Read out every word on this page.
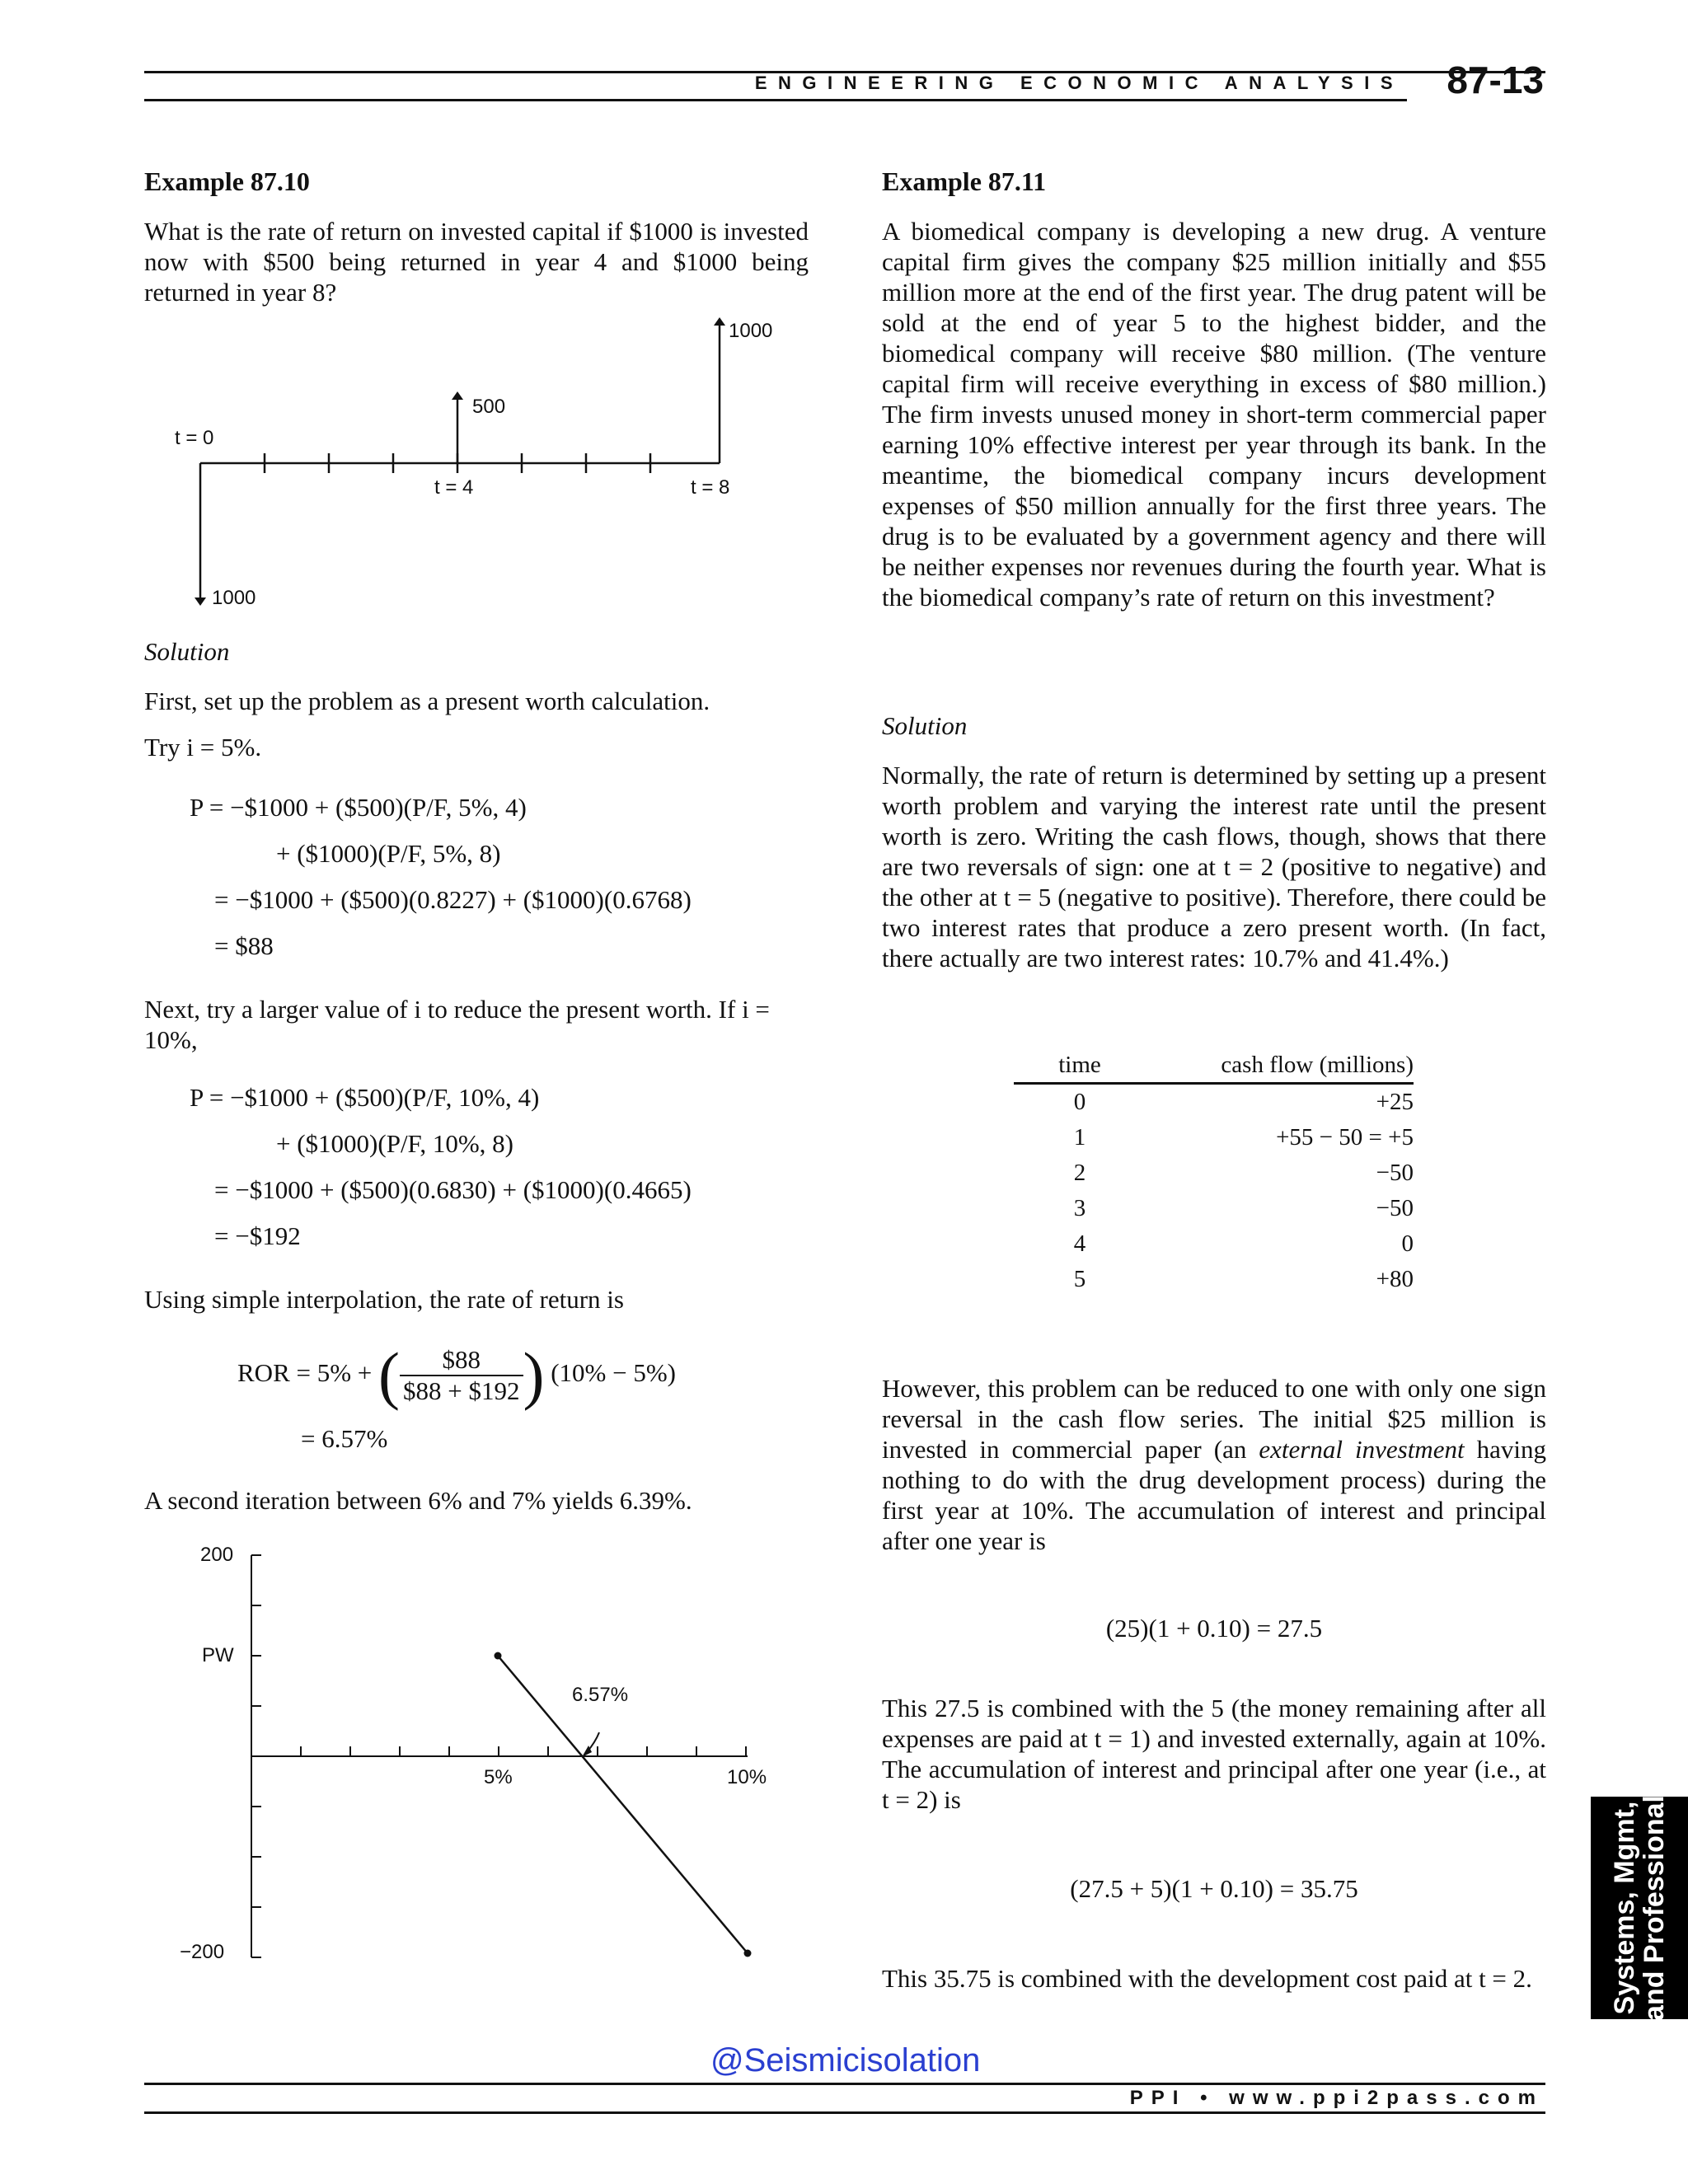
ENGINEERING ECONOMIC ANALYSIS 87-13
Example 87.10
What is the rate of return on invested capital if $1000 is invested now with $500 being returned in year 4 and $1000 being returned in year 8?
t = 0
t = 4	t = 8
500
1000
1000
Solution
First, set up the problem as a present worth calculation.
Try i = 5%.
P = −$1000 + ($500)(P/F, 5%, 4)
+ ($1000)(P/F, 5%, 8)
= −$1000 + ($500)(0.8227) + ($1000)(0.6768)
= $88
Next, try a larger value of i to reduce the present worth. If i = 10%,
P = −$1000 + ($500)(P/F, 10%, 4)
+ ($1000)(P/F, 10%, 8)
= −$1000 + ($500)(0.6830) + ($1000)(0.4665)
= −$192
Using simple interpolation, the rate of return is
ROR = 5% + ( $\frac{\$88}{\$88 + \$192}$ ) (10% − 5%)
= 6.57%
A second iteration between 6% and 7% yields 6.39%.
200
PW
−200
5%	10%
6.57%
Example 87.11
A biomedical company is developing a new drug. A venture capital firm gives the company $25 million initially and $55 million more at the end of the first year. The drug patent will be sold at the end of year 5 to the highest bidder, and the biomedical company will receive $80 million. (The venture capital firm will receive everything in excess of $80 million.) The firm invests unused money in short-term commercial paper earning 10% effective interest per year through its bank. In the meantime, the biomedical company incurs development expenses of $50 million annually for the first three years. The drug is to be evaluated by a government agency and there will be neither expenses nor revenues during the fourth year. What is the biomedical company’s rate of return on this investment?
Solution
Normally, the rate of return is determined by setting up a present worth problem and varying the interest rate until the present worth is zero. Writing the cash flows, though, shows that there are two reversals of sign: one at t = 2 (positive to negative) and the other at t = 5 (negative to positive). Therefore, there could be two interest rates that produce a zero present worth. (In fact, there actually are two interest rates: 10.7% and 41.4%.)
time	cash flow (millions)
0	+25
1	+55 − 50 = +5
2	−50
3	−50
4	0
5	+80
However, this problem can be reduced to one with only one sign reversal in the cash flow series. The initial $25 million is invested in commercial paper (an external investment having nothing to do with the drug development process) during the first year at 10%. The accumulation of interest and principal after one year is
(25)(1 + 0.10) = 27.5
This 27.5 is combined with the 5 (the money remaining after all expenses are paid at t = 1) and invested externally, again at 10%. The accumulation of interest and principal after one year (i.e., at t = 2) is
(27.5 + 5)(1 + 0.10) = 35.75
This 35.75 is combined with the development cost paid at t = 2.	Systems, Mgmt,
and Professional
@Seismicisolation
PPI • www.ppi2pass.com
